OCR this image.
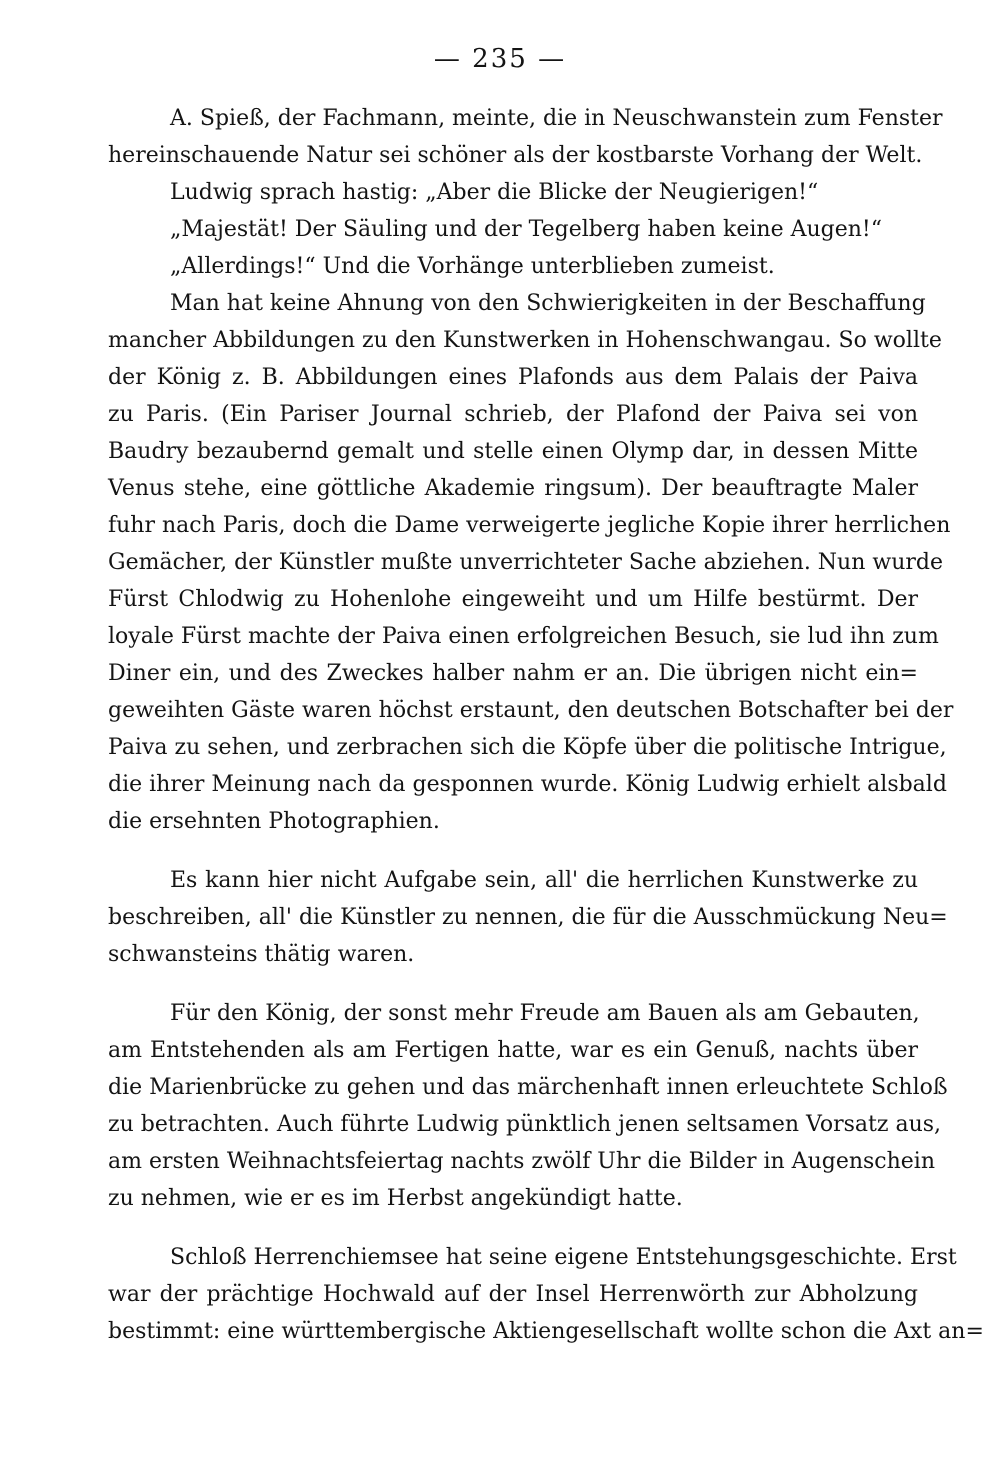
— 235 —

A. Spieß, der Fachmann, meinte, die in Neuschwanstein zum Fenster
hereinschauende Natur sei schöner als der kostbarste Vorhang der Welt.

Ludwig sprach hastig: „Aber die Blicke der Neugierigen!“

„Majestät! Der Säuling und der Tegelberg haben keine Augen!“

„Allerdings!“ Und die Vorhänge unterblieben zumeist.

Man hat keine Ahnung von den Schwierigkeiten in der Beschaffung
mancher Abbildungen zu den Kunstwerken in Hohenschwangau. So wollte
der König z. B. Abbildungen eines Plafonds aus dem Palais der Paiva
zu Paris. (Ein Pariser Journal schrieb, der Plafond der Paiva sei von
Baudry bezaubernd gemalt und stelle einen Olymp dar, in dessen Mitte
Venus stehe, eine göttliche Akademie ringsum). Der beauftragte Maler
fuhr nach Paris, doch die Dame verweigerte jegliche Kopie ihrer herrlichen
Gemächer, der Künstler mußte unverrichteter Sache abziehen. Nun wurde
Fürst Chlodwig zu Hohenlohe eingeweiht und um Hilfe bestürmt. Der
loyale Fürst machte der Paiva einen erfolgreichen Besuch, sie lud ihn zum
Diner ein, und des Zweckes halber nahm er an. Die übrigen nicht ein=
geweihten Gäste waren höchst erstaunt, den deutschen Botschafter bei der
Paiva zu sehen, und zerbrachen sich die Köpfe über die politische Intrigue,
die ihrer Meinung nach da gesponnen wurde. König Ludwig erhielt alsbald
die ersehnten Photographien.

Es kann hier nicht Aufgabe sein, all' die herrlichen Kunstwerke zu
beschreiben, all' die Künstler zu nennen, die für die Ausschmückung Neu=
schwansteins thätig waren.

Für den König, der sonst mehr Freude am Bauen als am Gebauten,
am Entstehenden als am Fertigen hatte, war es ein Genuß, nachts über
die Marienbrücke zu gehen und das märchenhaft innen erleuchtete Schloß
zu betrachten. Auch führte Ludwig pünktlich jenen seltsamen Vorsatz aus,
am ersten Weihnachtsfeiertag nachts zwölf Uhr die Bilder in Augenschein
zu nehmen, wie er es im Herbst angekündigt hatte.

Schloß Herrenchiemsee hat seine eigene Entstehungsgeschichte. Erst
war der prächtige Hochwald auf der Insel Herrenwörth zur Abholzung
bestimmt: eine württembergische Aktiengesellschaft wollte schon die Axt an=
